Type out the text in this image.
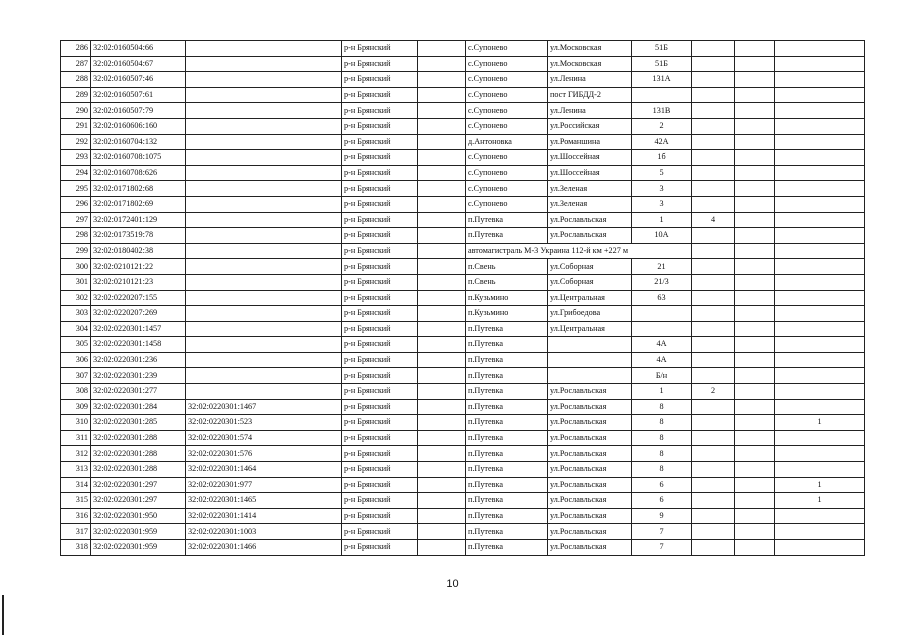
286	32:02:0160504:66		р-н Брянский		с.Супонево	ул.Московская	51Б			
287	32:02:0160504:67		р-н Брянский		с.Супонево	ул.Московская	51Б			
288	32:02:0160507:46		р-н Брянский		с.Супонево	ул.Ленина	131А			
289	32:02:0160507:61		р-н Брянский		с.Супонево	пост ГИБДД-2				
290	32:02:0160507:79		р-н Брянский		с.Супонево	ул.Ленина	131В			
291	32:02:0160606:160		р-н Брянский		с.Супонево	ул.Российская	2			
292	32:02:0160704:132		р-н Брянский		д.Антоновка	ул.Романшина	42А			
293	32:02:0160708:1075		р-н Брянский		с.Супонево	ул.Шоссейная	1б			
294	32:02:0160708:626		р-н Брянский		с.Супонево	ул.Шоссейная	5			
295	32:02:0171802:68		р-н Брянский		с.Супонево	ул.Зеленая	3			
296	32:02:0171802:69		р-н Брянский		с.Супонево	ул.Зеленая	3			
297	32:02:0172401:129		р-н Брянский		п.Путевка	ул.Рославльская	1	4		
298	32:02:0173519:78		р-н Брянский		п.Путевка	ул.Рославльская	10А			
299	32:02:0180402:38		р-н Брянский		автомагистраль М-3 Украина 112-й км +227 м					
300	32:02:0210121:22		р-н Брянский		п.Свень	ул.Соборная	21			
301	32:02:0210121:23		р-н Брянский		п.Свень	ул.Соборная	21/3			
302	32:02:0220207:155		р-н Брянский		п.Кузьмино	ул.Центральная	63			
303	32:02:0220207:269		р-н Брянский		п.Кузьмино	ул.Грибоедова				
304	32:02:0220301:1457		р-н Брянский		п.Путевка	ул.Центральная				
305	32:02:0220301:1458		р-н Брянский		п.Путевка		4А			
306	32:02:0220301:236		р-н Брянский		п.Путевка		4А			
307	32:02:0220301:239		р-н Брянский		п.Путевка		Б/н			
308	32:02:0220301:277		р-н Брянский		п.Путевка	ул.Рославльская	1	2		
309	32:02:0220301:284	32:02:0220301:1467	р-н Брянский		п.Путевка	ул.Рославльская	8			
310	32:02:0220301:285	32:02:0220301:523	р-н Брянский		п.Путевка	ул.Рославльская	8			1
311	32:02:0220301:288	32:02:0220301:574	р-н Брянский		п.Путевка	ул.Рославльская	8			
312	32:02:0220301:288	32:02:0220301:576	р-н Брянский		п.Путевка	ул.Рославльская	8			
313	32:02:0220301:288	32:02:0220301:1464	р-н Брянский		п.Путевка	ул.Рославльская	8			
314	32:02:0220301:297	32:02:0220301:977	р-н Брянский		п.Путевка	ул.Рославльская	6			1
315	32:02:0220301:297	32:02:0220301:1465	р-н Брянский		п.Путевка	ул.Рославльская	6			1
316	32:02:0220301:950	32:02:0220301:1414	р-н Брянский		п.Путевка	ул.Рославльская	9			
317	32:02:0220301:959	32:02:0220301:1003	р-н Брянский		п.Путевка	ул.Рославльская	7			
318	32:02:0220301:959	32:02:0220301:1466	р-н Брянский		п.Путевка	ул.Рославльская	7			
10
